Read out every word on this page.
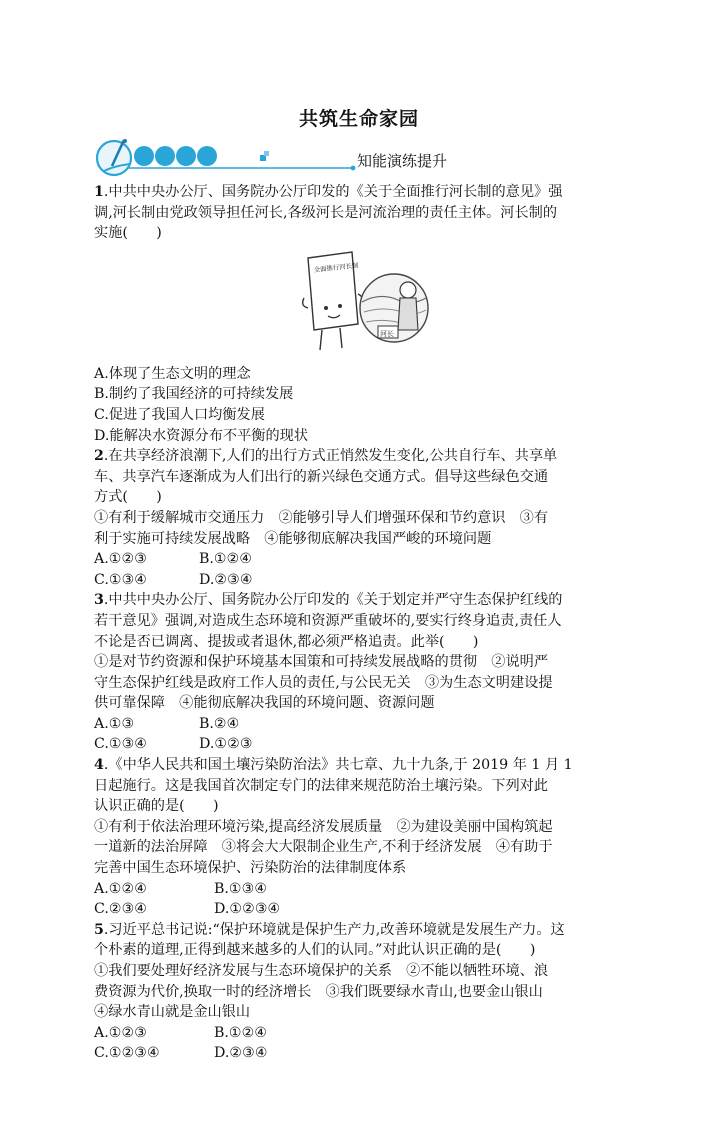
共筑生命家园
知能演练提升

1.中共中央办公厅、国务院办公厅印发的《关于全面推行河长制的意见》强

调,河长制由党政领导担任河长,各级河长是河流治理的责任主体。河长制的

实施(　　)

全面推行河长制
河长

A.体现了生态文明的理念

B.制约了我国经济的可持续发展

C.促进了我国人口均衡发展

D.能解决水资源分布不平衡的现状

2.在共享经济浪潮下,人们的出行方式正悄然发生变化,公共自行车、共享单

车、共享汽车逐渐成为人们出行的新兴绿色交通方式。倡导这些绿色交通

方式(　　)

①有利于缓解城市交通压力　②能够引导人们增强环保和节约意识　③有

利于实施可持续发展战略　④能够彻底解决我国严峻的环境问题

A.①②③	B.①②④
C.①③④	D.②③④

3.中共中央办公厅、国务院办公厅印发的《关于划定并严守生态保护红线的

若干意见》强调,对造成生态环境和资源严重破坏的,要实行终身追责,责任人

不论是否已调离、提拔或者退休,都必须严格追责。此举(　　)

①是对节约资源和保护环境基本国策和可持续发展战略的贯彻　②说明严

守生态保护红线是政府工作人员的责任,与公民无关　③为生态文明建设提

供可靠保障　④能彻底解决我国的环境问题、资源问题

A.①③	B.②④
C.①③④	D.①②③

4.《中华人民共和国土壤污染防治法》共七章、九十九条,于 2019 年 1 月 1

日起施行。这是我国首次制定专门的法律来规范防治土壤污染。下列对此

认识正确的是(　　)

①有利于依法治理环境污染,提高经济发展质量　②为建设美丽中国构筑起

一道新的法治屏障　③将会大大限制企业生产,不利于经济发展　④有助于

完善中国生态环境保护、污染防治的法律制度体系

A.①②④	B.①③④
C.②③④	D.①②③④

5.习近平总书记说:“保护环境就是保护生产力,改善环境就是发展生产力。这

个朴素的道理,正得到越来越多的人们的认同。”对此认识正确的是(　　)

①我们要处理好经济发展与生态环境保护的关系　②不能以牺牲环境、浪

费资源为代价,换取一时的经济增长　③我们既要绿水青山,也要金山银山

④绿水青山就是金山银山

A.①②③	B.①②④
C.①②③④	D.②③④
